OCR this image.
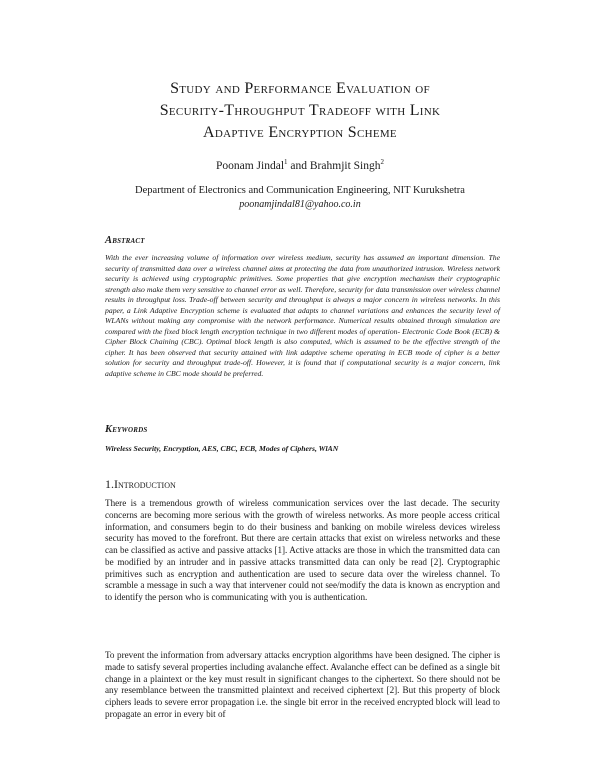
Study and Performance Evaluation of
Security-Throughput Tradeoff with Link
Adaptive Encryption Scheme
Poonam Jindal$^1$ and Brahmjit Singh$^2$
Department of Electronics and Communication Engineering, NIT Kurukshetra
poonamjindal81@yahoo.co.in
Abstract
With the ever increasing volume of information over wireless medium, security has assumed an important dimension. The security of transmitted data over a wireless channel aims at protecting the data from unauthorized intrusion. Wireless network security is achieved using cryptographic primitives. Some properties that give encryption mechanism their cryptographic strength also make them very sensitive to channel error as well. Therefore, security for data transmission over wireless channel results in throughput loss. Trade-off between security and throughput is always a major concern in wireless networks. In this paper, a Link Adaptive Encryption scheme is evaluated that adapts to channel variations and enhances the security level of WLANs without making any compromise with the network performance. Numerical results obtained through simulation are compared with the fixed block length encryption technique in two different modes of operation- Electronic Code Book (ECB) & Cipher Block Chaining (CBC). Optimal block length is also computed, which is assumed to be the effective strength of the cipher. It has been observed that security attained with link adaptive scheme operating in ECB mode of cipher is a better solution for security and throughput trade-off. However, it is found that if computational security is a major concern, link adaptive scheme in CBC mode should be preferred.
Keywords
Wireless Security, Encryption, AES, CBC, ECB, Modes of Ciphers, WlAN
1.Introduction
There is a tremendous growth of wireless communication services over the last decade. The security concerns are becoming more serious with the growth of wireless networks. As more people access critical information, and consumers begin to do their business and banking on mobile wireless devices wireless security has moved to the forefront. But there are certain attacks that exist on wireless networks and these can be classified as active and passive attacks [1]. Active attacks are those in which the transmitted data can be modified by an intruder and in passive attacks transmitted data can only be read [2]. Cryptographic primitives such as encryption and authentication are used to secure data over the wireless channel. To scramble a message in such a way that intervener could not see/modify the data is known as encryption and to identify the person who is communicating with you is authentication.
To prevent the information from adversary attacks encryption algorithms have been designed. The cipher is made to satisfy several properties including avalanche effect. Avalanche effect can be defined as a single bit change in a plaintext or the key must result in significant changes to the ciphertext. So there should not be any resemblance between the transmitted plaintext and received ciphertext [2]. But this property of block ciphers leads to severe error propagation i.e. the single bit error in the received encrypted block will lead to propagate an error in every bit of
